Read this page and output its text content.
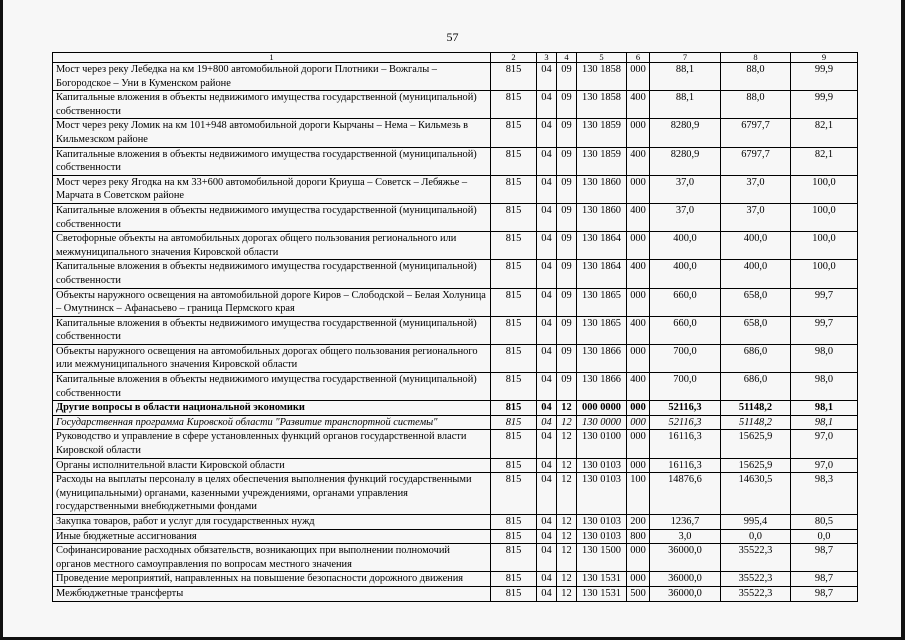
57
1	2	3	4	5	6	7	8	9
Мост через реку Лебедка на км 19+800 автомобильной дороги Плотники – Вожгалы – Богородское – Уни в Куменском районе	815	04	09	130 1858	000	88,1	88,0	99,9
Капитальные вложения в объекты недвижимого имущества государственной (муниципальной) собственности	815	04	09	130 1858	400	88,1	88,0	99,9
Мост через реку Ломик на км 101+948 автомобильной дороги Кырчаны – Нема – Кильмезь в Кильмезском районе	815	04	09	130 1859	000	8280,9	6797,7	82,1
Капитальные вложения в объекты недвижимого имущества государственной (муниципальной) собственности	815	04	09	130 1859	400	8280,9	6797,7	82,1
Мост через реку Ягодка на км 33+600 автомобильной дороги Криуша – Советск – Лебяжье – Марчата в Советском районе	815	04	09	130 1860	000	37,0	37,0	100,0
Капитальные вложения в объекты недвижимого имущества государственной (муниципальной) собственности	815	04	09	130 1860	400	37,0	37,0	100,0
Светофорные объекты на автомобильных дорогах общего пользования регионального или межмуниципального значения Кировской области	815	04	09	130 1864	000	400,0	400,0	100,0
Капитальные вложения в объекты недвижимого имущества государственной (муниципальной) собственности	815	04	09	130 1864	400	400,0	400,0	100,0
Объекты наружного освещения на автомобильной дороге Киров – Слободской – Белая Холуница – Омутнинск – Афанасьево – граница Пермского края	815	04	09	130 1865	000	660,0	658,0	99,7
Капитальные вложения в объекты недвижимого имущества государственной (муниципальной) собственности	815	04	09	130 1865	400	660,0	658,0	99,7
Объекты наружного освещения на автомобильных дорогах общего пользования регионального или межмуниципального значения Кировской области	815	04	09	130 1866	000	700,0	686,0	98,0
Капитальные вложения в объекты недвижимого имущества государственной (муниципальной) собственности	815	04	09	130 1866	400	700,0	686,0	98,0
Другие вопросы в области национальной экономики	815	04	12	000 0000	000	52116,3	51148,2	98,1
Государственная программа Кировской области "Развитие транспортной системы"	815	04	12	130 0000	000	52116,3	51148,2	98,1
Руководство и управление в сфере установленных функций органов государственной власти Кировской области	815	04	12	130 0100	000	16116,3	15625,9	97,0
Органы исполнительной власти Кировской области	815	04	12	130 0103	000	16116,3	15625,9	97,0
Расходы на выплаты персоналу в целях обеспечения выполнения функций государственными (муниципальными) органами, казенными учреждениями, органами управления государственными внебюджетными фондами	815	04	12	130 0103	100	14876,6	14630,5	98,3
Закупка товаров, работ и услуг для государственных нужд	815	04	12	130 0103	200	1236,7	995,4	80,5
Иные бюджетные ассигнования	815	04	12	130 0103	800	3,0	0,0	0,0
Софинансирование расходных обязательств, возникающих при выполнении полномочий органов местного самоуправления по вопросам местного значения	815	04	12	130 1500	000	36000,0	35522,3	98,7
Проведение мероприятий, направленных на повышение безопасности дорожного движения	815	04	12	130 1531	000	36000,0	35522,3	98,7
Межбюджетные трансферты	815	04	12	130 1531	500	36000,0	35522,3	98,7
